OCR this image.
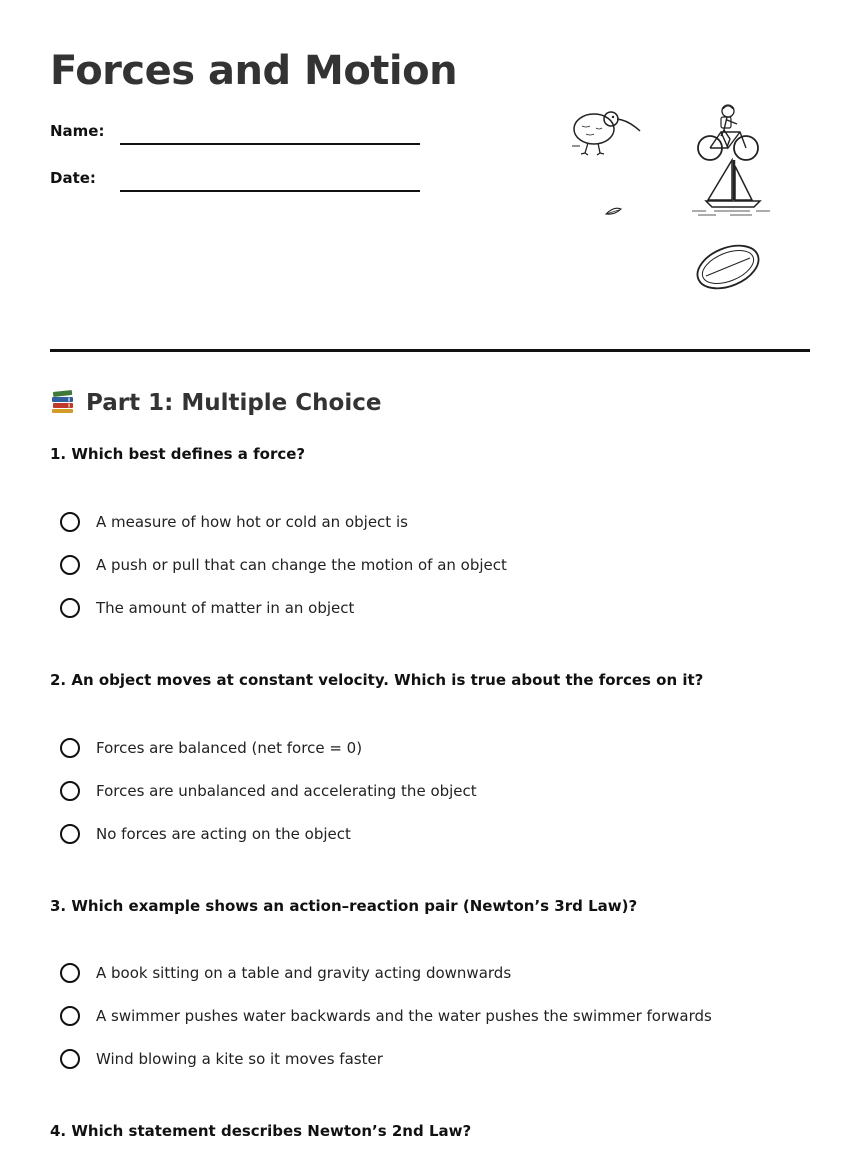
Forces and Motion
Name:
Date:
Part 1: Multiple Choice

1. Which best defines a force?

A measure of how hot or cold an object is
A push or pull that can change the motion of an object
The amount of matter in an object

2. An object moves at constant velocity. Which is true about the forces on it?

Forces are balanced (net force = 0)
Forces are unbalanced and accelerating the object
No forces are acting on the object

3. Which example shows an action–reaction pair (Newton’s 3rd Law)?

A book sitting on a table and gravity acting downwards
A swimmer pushes water backwards and the water pushes the swimmer forwards
Wind blowing a kite so it moves faster

4. Which statement describes Newton’s 2nd Law?
